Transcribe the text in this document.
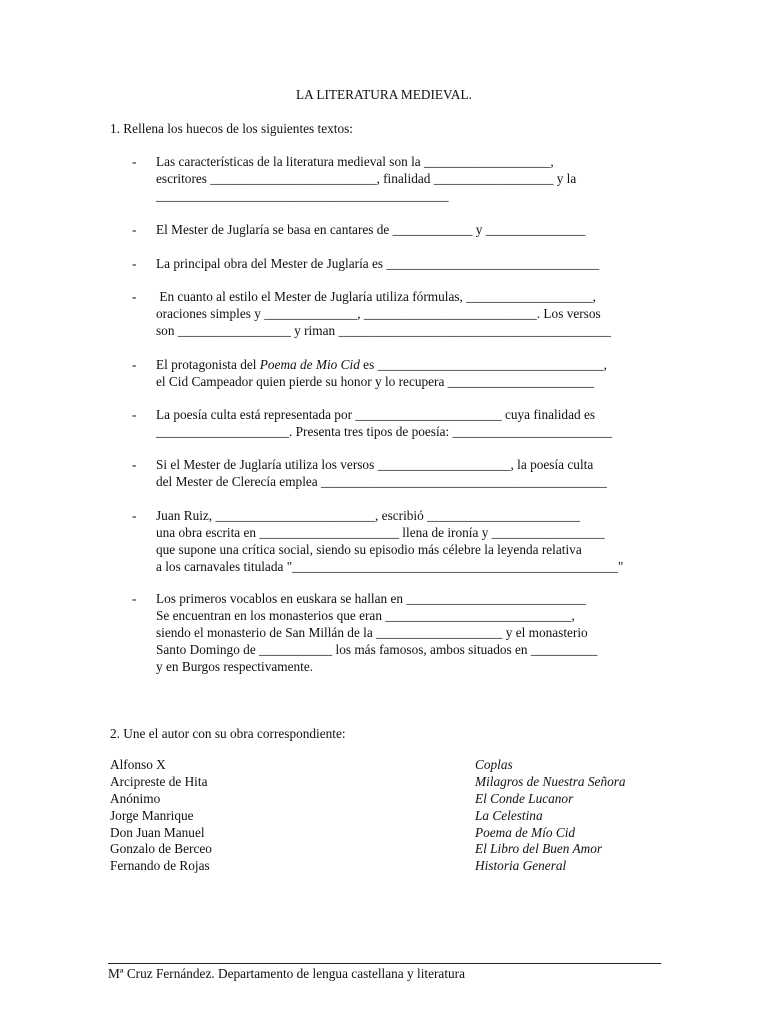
LA LITERATURA MEDIEVAL.
1. Rellena los huecos de los siguientes textos:
- Las características de la literatura medieval son la ___________________,
escritores _________________________, finalidad __________________ y la
____________________________________________
- El Mester de Juglaría se basa en cantares de ____________ y _______________
- La principal obra del Mester de Juglaría es ________________________________
- En cuanto al estilo el Mester de Juglaría utiliza fórmulas, ___________________,
oraciones simples y ______________, __________________________. Los versos
son _________________ y riman _________________________________________
- El protagonista del Poema de Mio Cid es __________________________________,
el Cid Campeador quien pierde su honor y lo recupera ______________________
- La poesía culta está representada por ______________________ cuya finalidad es
____________________. Presenta tres tipos de poesía: ________________________
- Si el Mester de Juglaría utiliza los versos ____________________, la poesía culta
del Mester de Clerecía emplea ___________________________________________
- Juan Ruiz, ________________________, escribió _______________________
una obra escrita en _____________________ llena de ironía y _________________
que supone una crítica social, siendo su episodio más célebre la leyenda relativa
a los carnavales titulada "_________________________________________________"
- Los primeros vocablos en euskara se hallan en ___________________________
Se encuentran en los monasterios que eran ____________________________,
siendo el monasterio de San Millán de la ___________________ y el monasterio
Santo Domingo de ___________ los más famosos, ambos situados en __________
y en Burgos respectivamente.
2. Une el autor con su obra correspondiente:
Alfonso X
Arcipreste de Hita
Anónimo
Jorge Manrique
Don Juan Manuel
Gonzalo de Berceo
Fernando de Rojas
Coplas
Milagros de Nuestra Señora
El Conde Lucanor
La Celestina
Poema de Mío Cid
El Libro del Buen Amor
Historia General
Mª Cruz Fernández. Departamento de lengua castellana y literatura
